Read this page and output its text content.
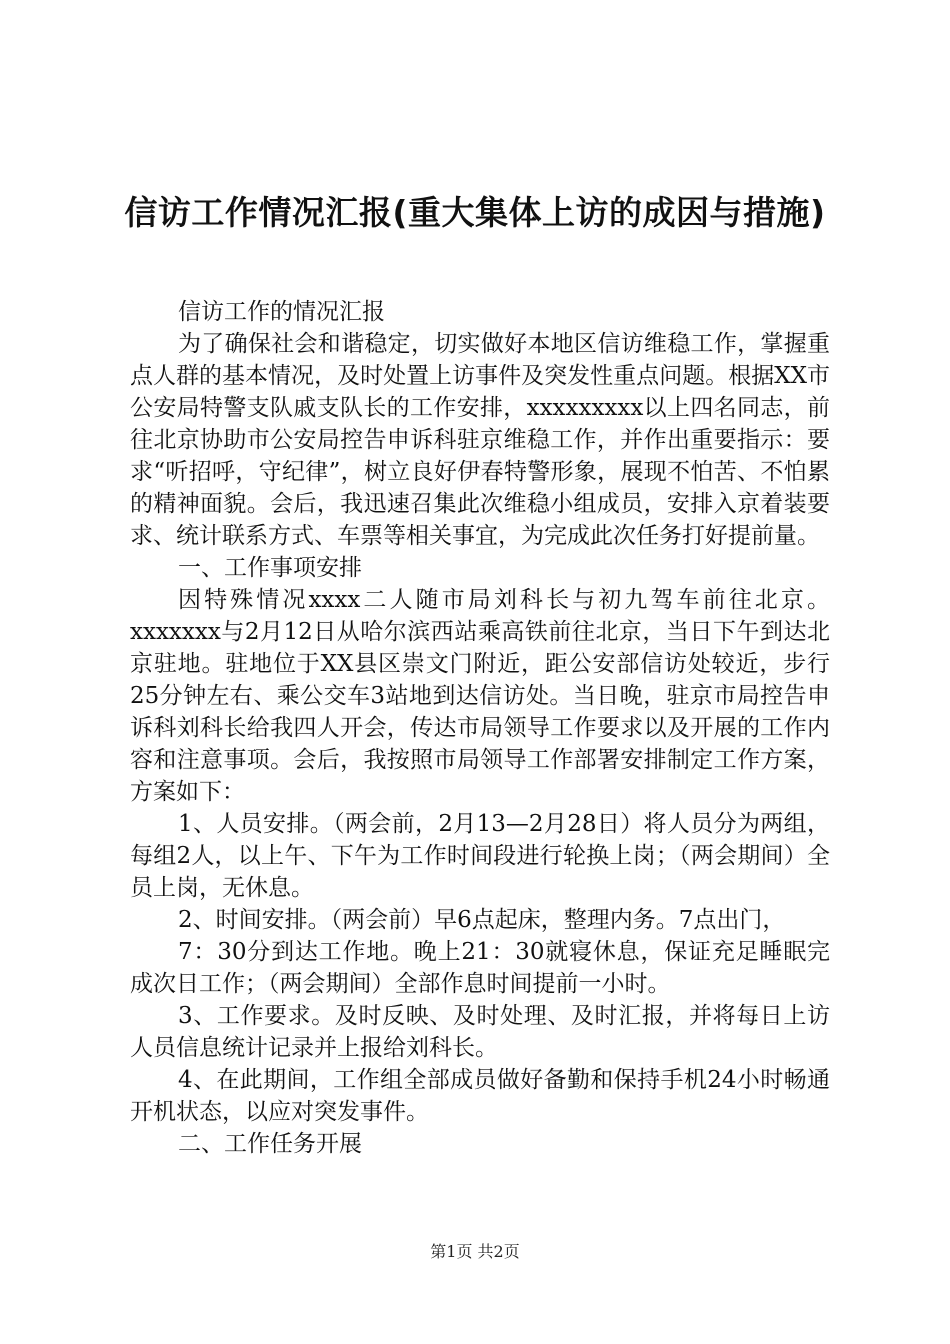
信访工作情况汇报(重大集体上访的成因与措施)

信访工作的情况汇报

为了确保社会和谐稳定，切实做好本地区信访维稳工作，掌握重点人群的基本情况，及时处置上访事件及突发性重点问题。根据XX市公安局特警支队戚支队长的工作安排，xxxxxxxxx以上四名同志，前往北京协助市公安局控告申诉科驻京维稳工作，并作出重要指示：要求“听招呼，守纪律”，树立良好伊春特警形象，展现不怕苦、不怕累的精神面貌。会后，我迅速召集此次维稳小组成员，安排入京着装要求、统计联系方式、车票等相关事宜，为完成此次任务打好提前量。

一、工作事项安排

因特殊情况xxxx二人随市局刘科长与初九驾车前往北京。xxxxxxx与2月12日从哈尔滨西站乘高铁前往北京，当日下午到达北京驻地。驻地位于XX县区崇文门附近，距公安部信访处较近，步行25分钟左右、乘公交车3站地到达信访处。当日晚，驻京市局控告申诉科刘科长给我四人开会，传达市局领导工作要求以及开展的工作内容和注意事项。会后，我按照市局领导工作部署安排制定工作方案，方案如下：

1、人员安排。（两会前，2月13—2月28日）将人员分为两组，每组2人，以上午、下午为工作时间段进行轮换上岗；（两会期间）全员上岗，无休息。

2、时间安排。（两会前）早6点起床，整理内务。7点出门，

7：30分到达工作地。晚上21：30就寝休息，保证充足睡眠完成次日工作；（两会期间）全部作息时间提前一小时。

3、工作要求。及时反映、及时处理、及时汇报，并将每日上访人员信息统计记录并上报给刘科长。

4、在此期间，工作组全部成员做好备勤和保持手机24小时畅通开机状态，以应对突发事件。

二、工作任务开展

第1页 共2页
